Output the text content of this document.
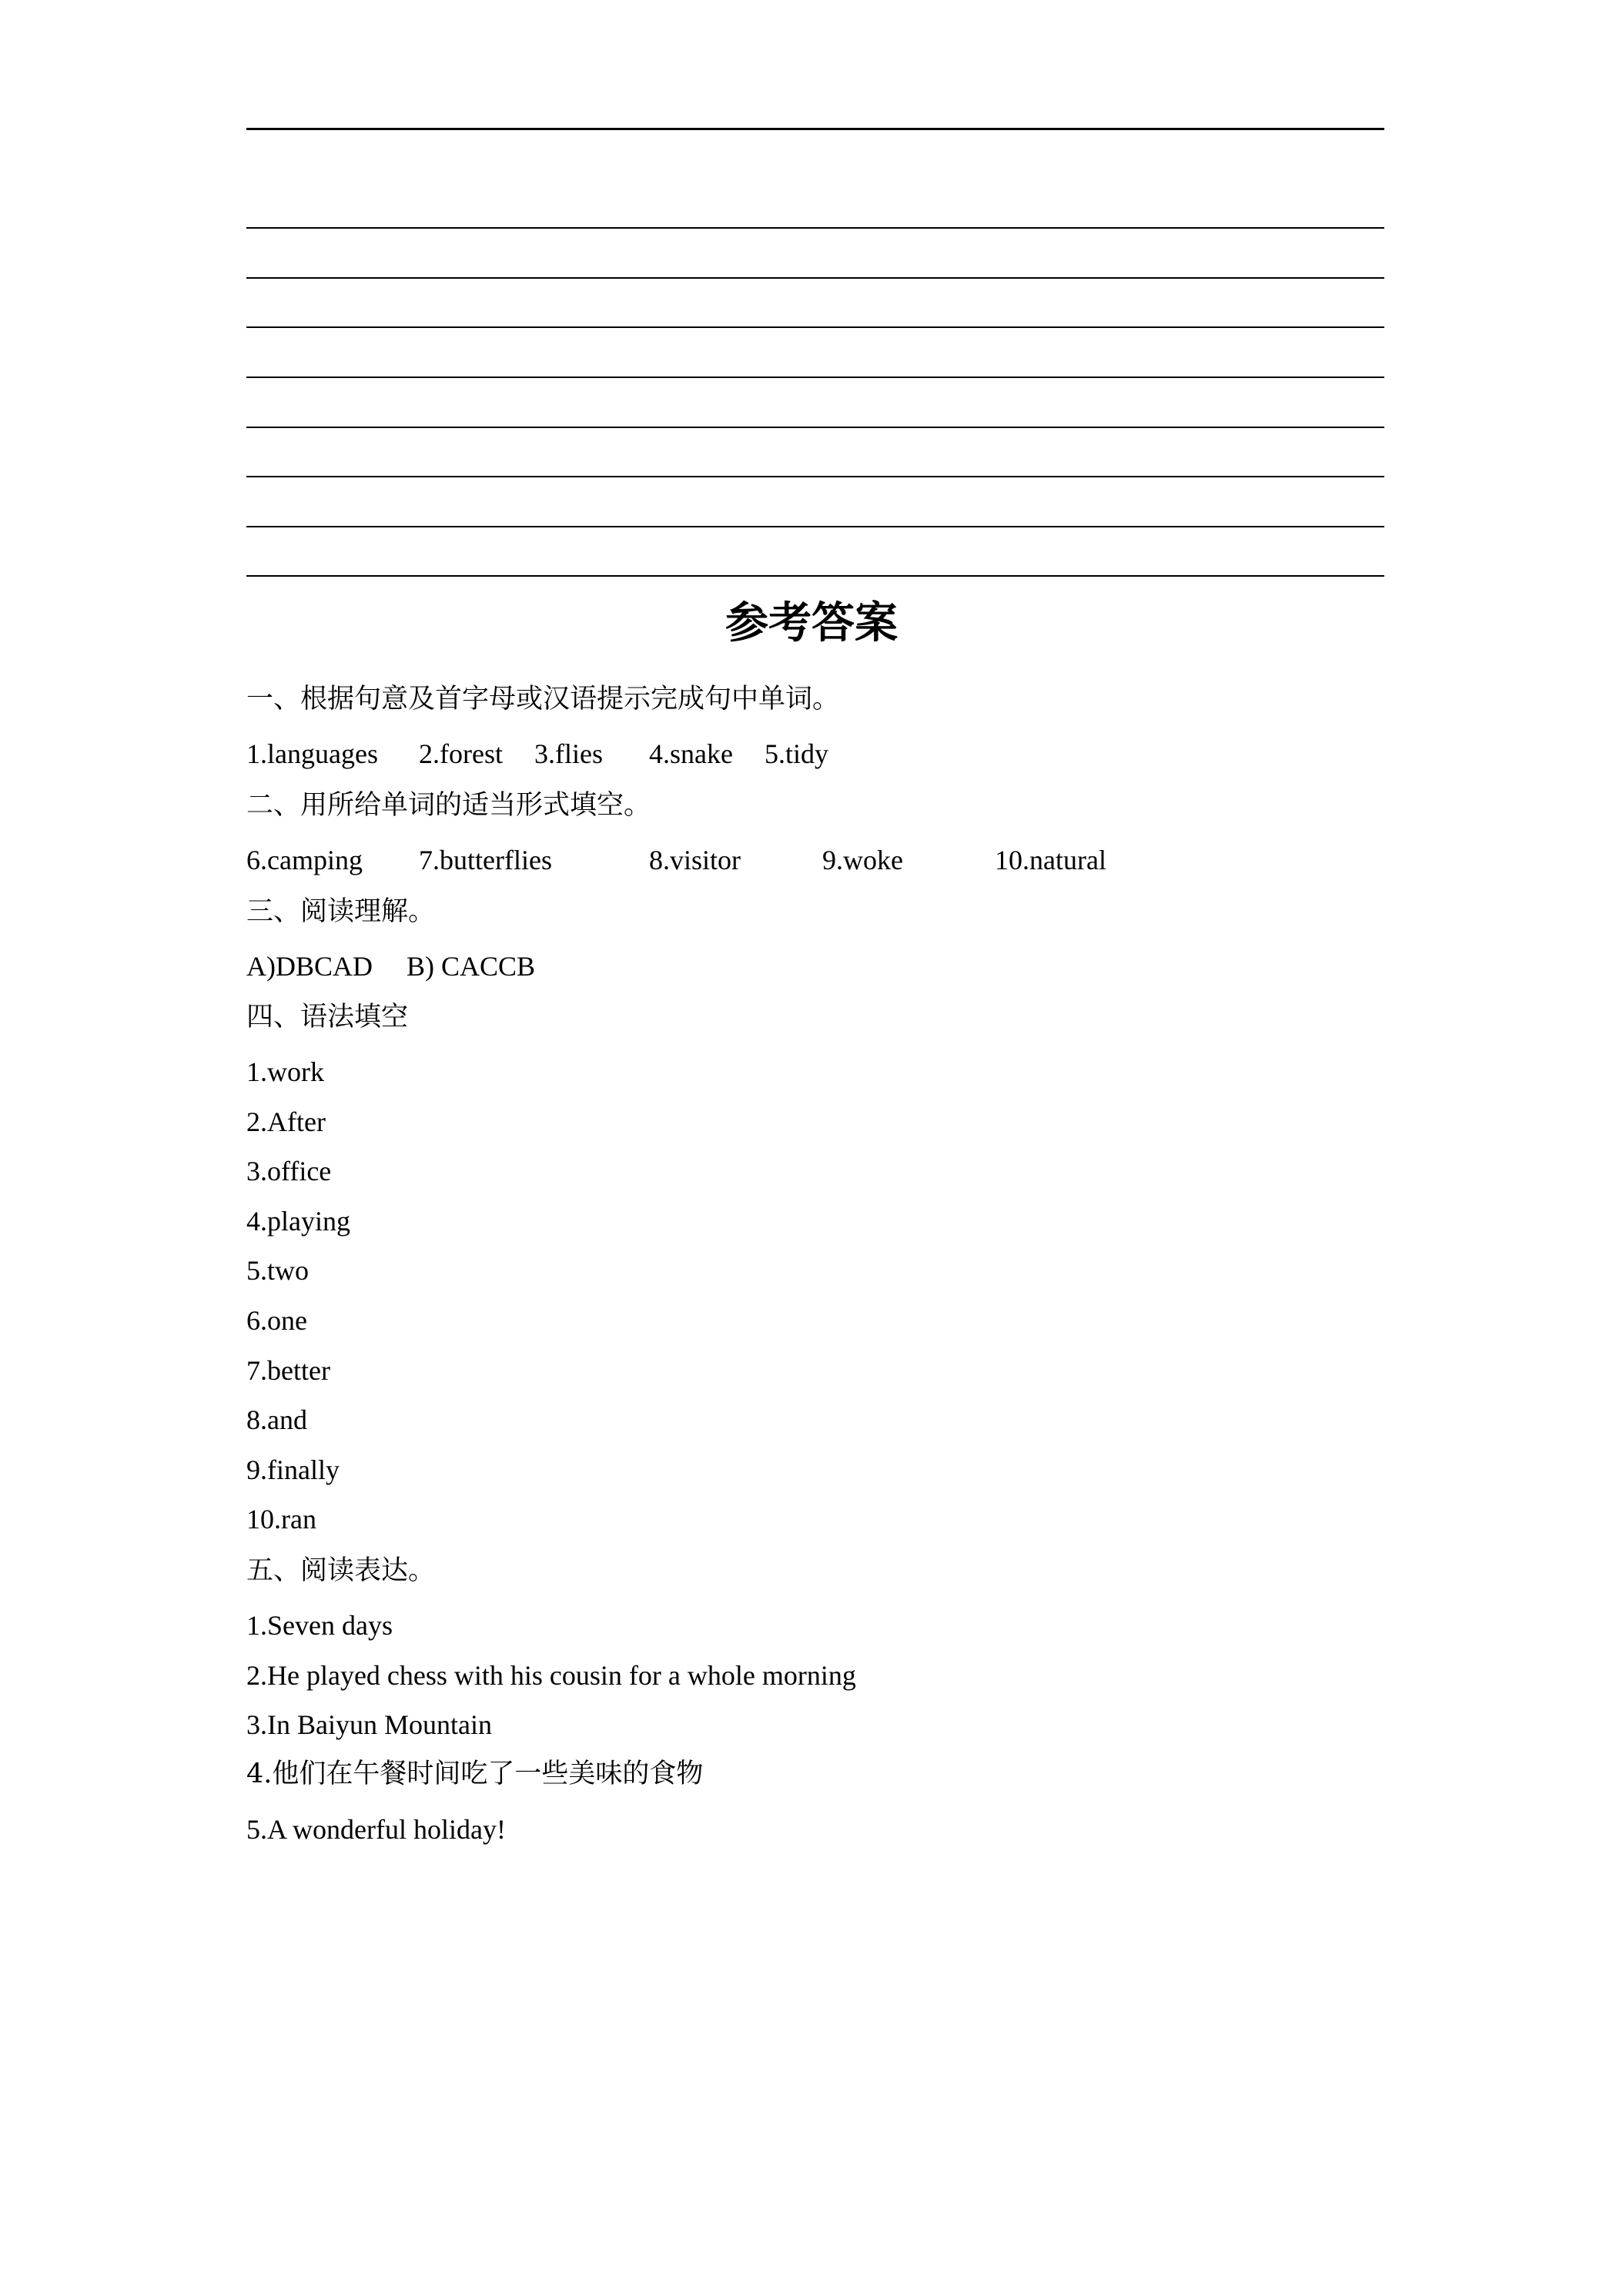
参考答案
一、根据句意及首字母或汉语提示完成句中单词。

1.languages

2.forest

3.flies

4.snake

5.tidy

二、用所给单词的适当形式填空。

6.camping

7.butterflies

	8.visitor

	9.woke

	10.natural

三、阅读理解。

A)DBCAD

B) CACCB

四、语法填空
1.work
2.After
3.office
4.playing
5.two
6.one
7.better
8.and
9.finally
10.ran
五、阅读表达。
1.Seven days
2.He played chess with his cousin for a whole morning
3.In Baiyun Mountain
4.他们在午餐时间吃了一些美味的食物
5.A wonderful holiday!
